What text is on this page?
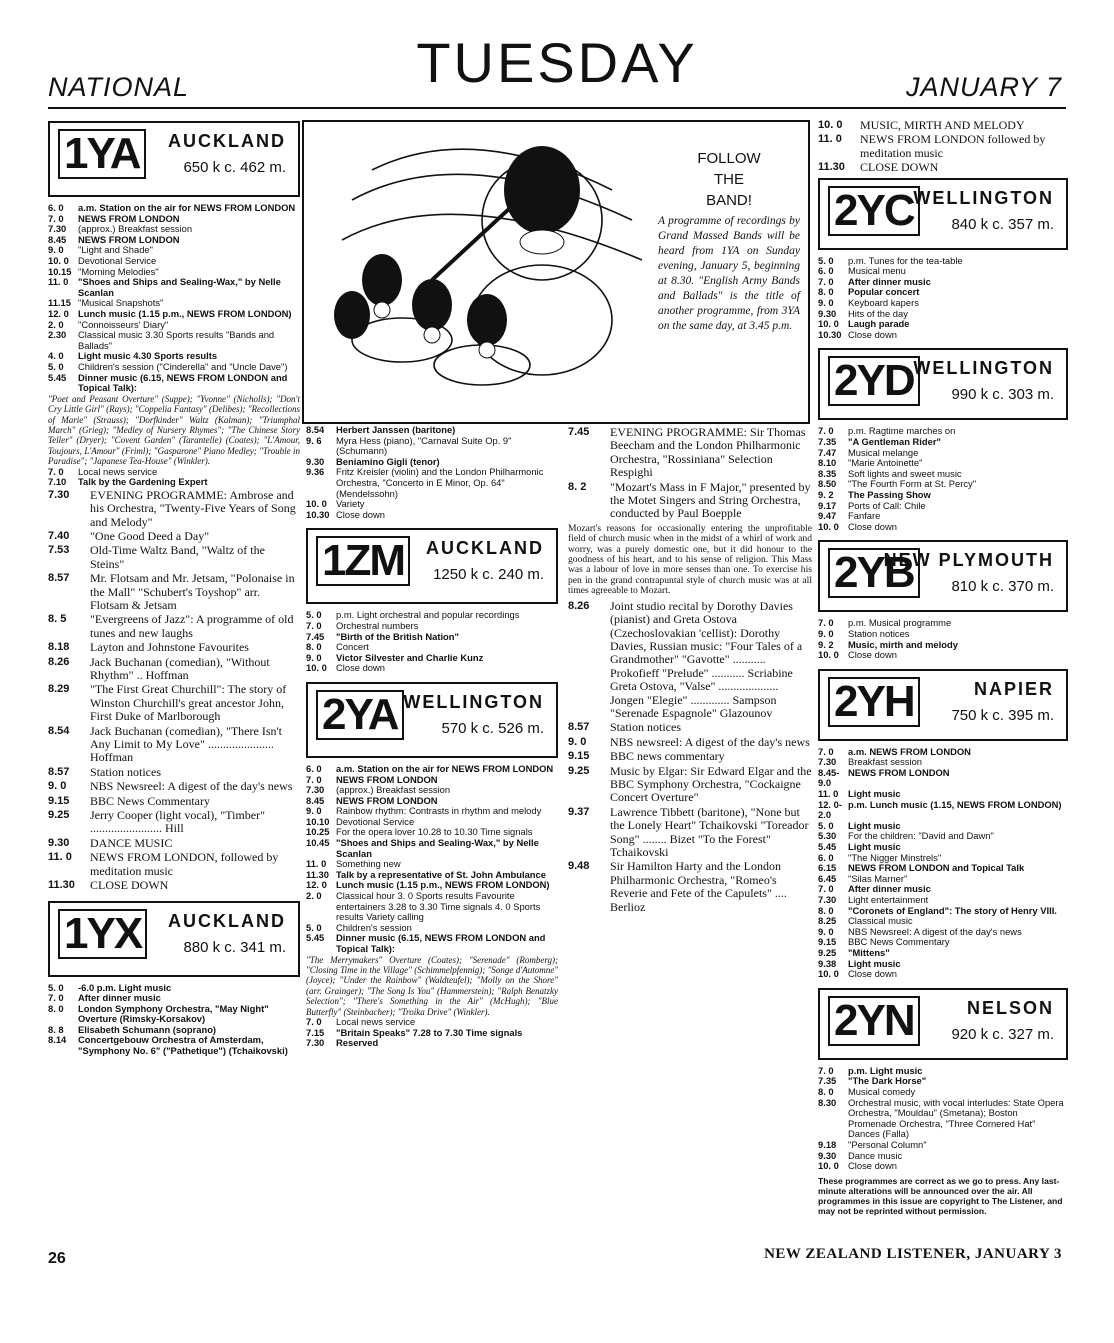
NATIONAL	TUESDAY	JANUARY 7
1YA	AUCKLAND
650 k c. 462 m.
6. 0	a.m. Station on the air for NEWS FROM LONDON
7. 0	NEWS FROM LONDON
7.30	(approx.) Breakfast session
8.45	NEWS FROM LONDON
9. 0	"Light and Shade"
10. 0 Devotional Service
10.15 "Morning Melodies"
11. 0	"Shoes and Ships and Sealing-Wax," by Nelle Scanlan
11.15 "Musical Snapshots"
12. 0 Lunch music (1.15 p.m., NEWS FROM LONDON)
2. 0	"Connoisseurs' Diary"
2.30	Classical music 3.30 Sports results "Bands and Ballads"
4. 0	Light music 4.30 Sports results
5. 0	Children's session ("Cinderella" and "Uncle Dave")
5.45	Dinner music (6.15, NEWS FROM LONDON and Topical Talk):
"Poet and Peasant Overture" (Suppe); "Yvonne" (Nicholls); "Don't Cry Little Girl" (Rays); "Coppelia Fantasy" (Delibes); "Recollections of Marie" (Strauss); "Dorfkinder" Waltz (Kalman); "Triumphal March" (Grieg); "Medley of Nursery Rhymes"; "The Chinese Story Teller" (Dryer); "Covent Garden" (Tarantelle) (Coates); "L'Amour, Toujours, L'Amour" (Friml); "Gasparone" Piano Medley; "Trouble in Paradise"; "Japanese Tea-House" (Winkler).
7. 0	Local news service
7.10	Talk by the Gardening Expert
7.30	EVENING PROGRAMME: Ambrose and his Orchestra, "Twenty-Five Years of Song and Melody"
7.40	"One Good Deed a Day"
7.53	Old-Time Waltz Band, "Waltz of the Steins"
8.57	Mr. Flotsam and Mr. Jetsam, "Polonaise in the Mall" "Schubert's Toyshop" arr. Flotsam & Jetsam
8. 5	"Evergreens of Jazz": A programme of old tunes and new laughs
8.18	Layton and Johnstone Favourites
8.26	Jack Buchanan (comedian), "Without Rhythm" .. Hoffman
8.29	"The First Great Churchill": The story of Winston Churchill's great ancestor John, First Duke of Marlborough
8.54	Jack Buchanan (comedian), "There Isn't Any Limit to My Love" ...................... Hoffman
8.57	Station notices
9. 0	NBS Newsreel: A digest of the day's news
9.15	BBC News Commentary
9.25	Jerry Cooper (light vocal), "Timber" ........................ Hill
9.30	DANCE MUSIC
11. 0	NEWS FROM LONDON, followed by meditation music
11.30	CLOSE DOWN
1YX	AUCKLAND
880 k c. 341 m.
5. 0	-6.0 p.m. Light music
7. 0	After dinner music
8. 0	London Symphony Orchestra, "May Night" Overture (Rimsky-Korsakov)
8. 8	Elisabeth Schumann (soprano)
8.14	Concertgebouw Orchestra of Amsterdam, "Symphony No. 6" ("Pathetique") (Tchaikovski)
FOLLOW
THE
BAND!
A programme of recordings by Grand Massed Bands will be heard from 1YA on Sunday evening, January 5, beginning at 8.30. "English Army Bands and Ballads" is the title of another programme, from 3YA on the same day, at 3.45 p.m.
8.54	Herbert Janssen (baritone)
9. 6	Myra Hess (piano), "Carnaval Suite Op. 9" (Schumann)
9.30	Beniamino Gigli (tenor)
9.36	Fritz Kreisler (violin) and the London Philharmonic Orchestra, "Concerto in E Minor, Op. 64" (Mendelssohn)
10. 0 Variety
10.30 Close down
1ZM	AUCKLAND
1250 k c. 240 m.
5. 0	p.m. Light orchestral and popular recordings
7. 0	Orchestral numbers
7.45	"Birth of the British Nation"
8. 0	Concert
9. 0	Victor Silvester and Charlie Kunz
10. 0 Close down
2YA WELLINGTON
570 k c. 526 m.
6. 0	a.m. Station on the air for NEWS FROM LONDON
7. 0	NEWS FROM LONDON
7.30	(approx.) Breakfast session
8.45	NEWS FROM LONDON
9. 0	Rainbow rhythm: Contrasts in rhythm and melody
10.10 Devotional Service
10.25 For the opera lover 10.28 to 10.30 Time signals
10.45 "Shoes and Ships and Sealing-Wax," by Nelle Scanlan
11. 0	Something new
11.30 Talk by a representative of St. John Ambulance
12. 0 Lunch music (1.15 p.m., NEWS FROM LONDON)
2. 0	Classical hour 3. 0 Sports results Favourite entertainers 3.28 to 3.30 Time signals 4. 0 Sports results Variety calling
5. 0	Children's session
5.45	Dinner music (6.15, NEWS FROM LONDON and Topical Talk):
"The Merrymakers" Overture (Coates); "Serenade" (Romberg); "Closing Time in the Village" (Schimmelpfennig); "Songe d'Automne" (Joyce); "Under the Rainbow" (Waldteufel); "Molly on the Shore" (arr. Grainger); "The Song Is You" (Hammerstein); "Ralph Benatzky Selection"; "There's Something in the Air" (McHugh); "Blue Butterfly" (Steinbacher); "Troika Drive" (Winkler).
7. 0	Local news service
7.15	"Britain Speaks" 7.28 to 7.30 Time signals
7.30	Reserved
7.45	EVENING PROGRAMME: Sir Thomas Beecham and the London Philharmonic Orchestra, "Rossiniana" Selection Respighi
8. 2	"Mozart's Mass in F Major," presented by the Motet Singers and String Orchestra, conducted by Paul Boepple
Mozart's reasons for occasionally entering the unprofitable field of church music when in the midst of a whirl of work and worry, was a purely domestic one, but it did honour to the goodness of his heart, and to his sense of religion. This Mass was a labour of love in more senses than one. To exercise his pen in the grand contrapuntal style of church music was at all times agreeable to Mozart.
8.26	Joint studio recital by Dorothy Davies (pianist) and Greta Ostova (Czechoslovakian 'cellist): Dorothy Davies, Russian music: "Four Tales of a Grandmother" "Gavotte" ........... Prokofieff "Prelude" ........... Scriabine Greta Ostova, "Valse" .................... Jongen "Elegie" ............. Sampson "Serenade Espagnole" Glazounov
8.57	Station notices
9. 0	NBS newsreel: A digest of the day's news
9.15	BBC news commentary
9.25	Music by Elgar: Sir Edward Elgar and the BBC Symphony Orchestra, "Cockaigne Concert Overture"
9.37	Lawrence Tibbett (baritone), "None but the Lonely Heart" Tchaikovski "Toreador Song" ........ Bizet "To the Forest" Tchaikovski
9.48	Sir Hamilton Harty and the London Philharmonic Orchestra, "Romeo's Reverie and Fete of the Capulets" .... Berlioz
10. 0	MUSIC, MIRTH AND MELODY
11. 0	NEWS FROM LONDON followed by meditation music
11.30	CLOSE DOWN
2YC WELLINGTON
840 k c. 357 m.
5. 0	p.m. Tunes for the tea-table
6. 0	Musical menu
7. 0	After dinner music
8. 0	Popular concert
9. 0	Keyboard kapers
9.30	Hits of the day
10. 0 Laugh parade
10.30 Close down
2YD WELLINGTON
990 k c. 303 m.
7. 0	p.m. Ragtime marches on
7.35	"A Gentleman Rider"
7.47	Musical melange
8.10	"Marie Antoinette"
8.35	Soft lights and sweet music
8.50	"The Fourth Form at St. Percy"
9. 2	The Passing Show
9.17	Ports of Call: Chile
9.47	Fanfare
10. 0 Close down
2YB
NEW PLYMOUTH
810 k c. 370 m.
7. 0	p.m. Musical programme
9. 0	Station notices
9. 2	Music, mirth and melody
10. 0 Close down
2YH	NAPIER
750 k c. 395 m.
7. 0	a.m. NEWS FROM LONDON
7.30	Breakfast session
8.45-9.0
NEWS FROM LONDON
11. 0	Light music
12. 0-2.0
p.m. Lunch music (1.15, NEWS FROM LONDON)
5. 0	Light music
5.30	For the children: "David and Dawn"
5.45	Light music
6. 0	"The Nigger Minstrels"
6.15	NEWS FROM LONDON and Topical Talk
6.45	"Silas Marner"
7. 0	After dinner music
7.30	Light entertainment
8. 0	"Coronets of England": The story of Henry VIII.
8.25	Classical music
9. 0	NBS Newsreel: A digest of the day's news
9.15	BBC News Commentary
9.25	"Mittens"
9.38	Light music
10. 0 Close down
2YN	NELSON
920 k c. 327 m.
7. 0	p.m. Light music
7.35	"The Dark Horse"
8. 0	Musical comedy
8.30	Orchestral music, with vocal interludes: State Opera Orchestra, "Mouldau" (Smetana); Boston Promenade Orchestra, "Three Cornered Hat" Dances (Falla)
9.18	"Personal Column"
9.30	Dance music
10. 0 Close down
These programmes are correct as we go to press. Any last-minute alterations will be announced over the air. All programmes in this issue are copyright to The Listener, and may not be reprinted without permission.
26	NEW ZEALAND LISTENER, JANUARY 3
